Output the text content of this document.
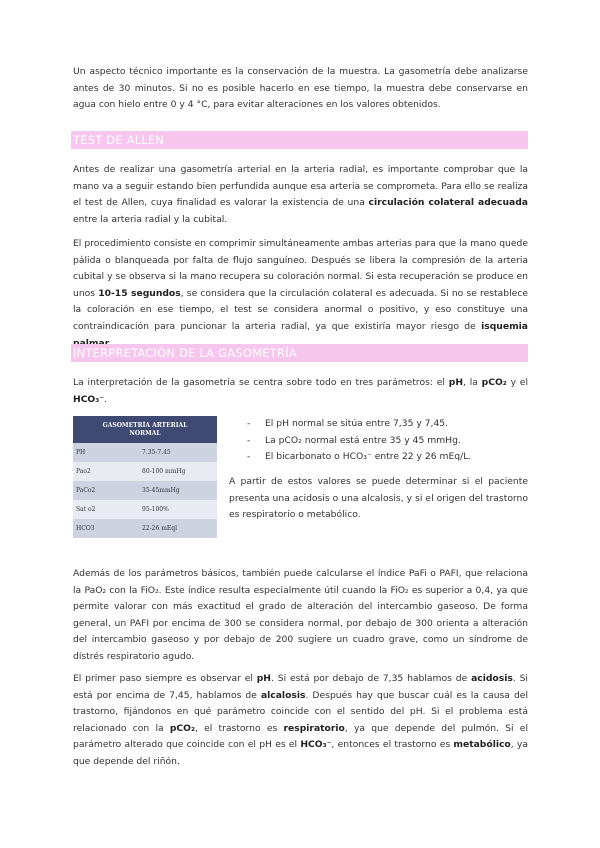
Un aspecto técnico importante es la conservación de la muestra. La gasometría debe analizarse antes de 30 minutos. Si no es posible hacerlo en ese tiempo, la muestra debe conservarse en agua con hielo entre 0 y 4 °C, para evitar alteraciones en los valores obtenidos.

TEST DE ALLEN

Antes de realizar una gasometría arterial en la arteria radial, es importante comprobar que la mano va a seguir estando bien perfundida aunque esa arteria se comprometa. Para ello se realiza el test de Allen, cuya finalidad es valorar la existencia de una circulación colateral adecuada entre la arteria radial y la cubital.

El procedimiento consiste en comprimir simultáneamente ambas arterias para que la mano quede pálida o blanqueada por falta de flujo sanguíneo. Después se libera la compresión de la arteria cubital y se observa si la mano recupera su coloración normal. Si esta recuperación se produce en unos 10-15 segundos, se considera que la circulación colateral es adecuada. Si no se restablece la coloración en ese tiempo, el test se considera anormal o positivo, y eso constituye una contraindicación para puncionar la arteria radial, ya que existiría mayor riesgo de isquemia

INTERPRETACIÓN DE LA GASOMETRÍA

La interpretación de la gasometría se centra sobre todo en tres parámetros: el pH, la pCO₂ y el HCO₃⁻.

GASOMETRÍA ARTERIAL
NORMAL	
PH	7.35-7.45
Pao2	80-100 mmHg
PaCo2	35-45mmHg
Sat o2	95-100%
HCO3	22-26 mEql
- El pH normal se sitúa entre 7,35 y 7,45.
- La pCO₂ normal está entre 35 y 45 mmHg.
- El bicarbonato o HCO₃⁻ entre 22 y 26 mEq/L.

A partir de estos valores se puede determinar si el paciente presenta una acidosis o una alcalosis, y si el origen del trastorno es respiratorio o metabólico.

Además de los parámetros básicos, también puede calcularse el índice PaFi o PAFI, que relaciona la PaO₂ con la FiO₂. Este índice resulta especialmente útil cuando la FiO₂ es superior a 0,4, ya que permite valorar con más exactitud el grado de alteración del intercambio gaseoso. De forma general, un PAFI por encima de 300 se considera normal, por debajo de 300 orienta a alteración del intercambio gaseoso y por debajo de 200 sugiere un cuadro grave, como un síndrome de distrés respiratorio agudo.

El primer paso siempre es observar el pH. Si está por debajo de 7,35 hablamos de acidosis. Si está por encima de 7,45, hablamos de alcalosis. Después hay que buscar cuál es la causa del trastorno, fijándonos en qué parámetro coincide con el sentido del pH. Si el problema está relacionado con la pCO₂, el trastorno es respiratorio, ya que depende del pulmón. Si el parámetro alterado que coincide con el pH es el HCO₃⁻, entonces el trastorno es metabólico, ya que depende del riñón.
